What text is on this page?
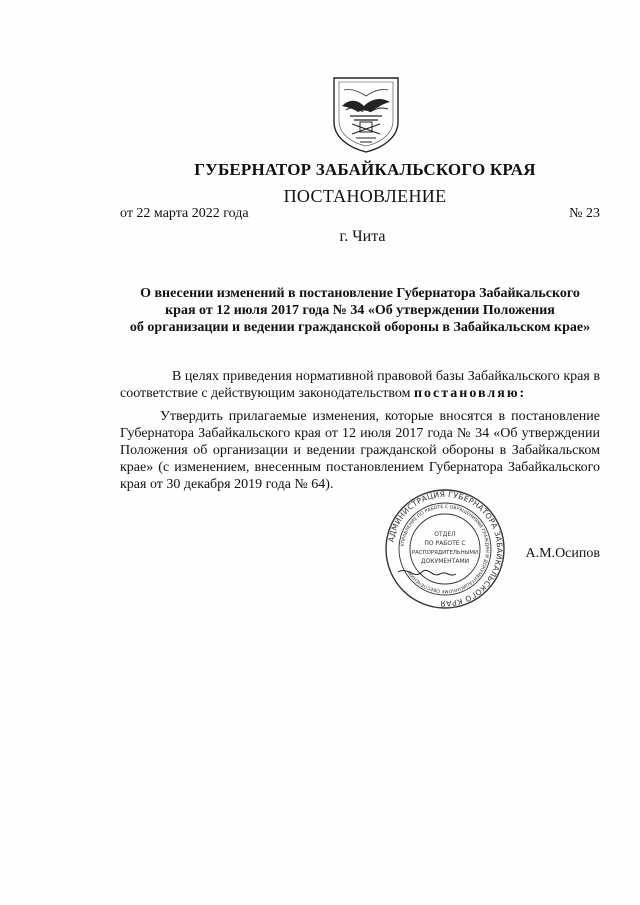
ГУБЕРНАТОР ЗАБАЙКАЛЬСКОГО КРАЯ
ПОСТАНОВЛЕНИЕ
от 22 марта 2022 года	№ 23
г. Чита
О внесении изменений в постановление Губернатора Забайкальского
края от 12 июля 2017 года № 34 «Об утверждении Положения
об организации и ведении гражданской обороны в Забайкальском крае»
В целях приведения нормативной правовой базы Забайкальского края в соответствие с действующим законодательством постановляю:
Утвердить прилагаемые изменения, которые вносятся в постановление Губернатора Забайкальского края от 12 июля 2017 года № 34 «Об утверждении Положения об организации и ведении гражданской обороны в Забайкальском крае» (с изменением, внесенным постановлением Губернатора Забайкальского края от 30 декабря 2019 года № 64).
АДМИНИСТРАЦИЯ ГУБЕРНАТОРА ЗАБАЙКАЛЬСКОГО КРАЯ
УПРАВЛЕНИЕ ПО РАБОТЕ С ОБРАЩЕНИЯМИ ГРАЖДАН И ДОКУМЕНТАЦИОННОМУ ОБЕСПЕЧЕНИЮ
ОТДЕЛ
ПО РАБОТЕ С
РАСПОРЯДИТЕЛЬНЫМИ
ДОКУМЕНТАМИ
А.М.Осипов
